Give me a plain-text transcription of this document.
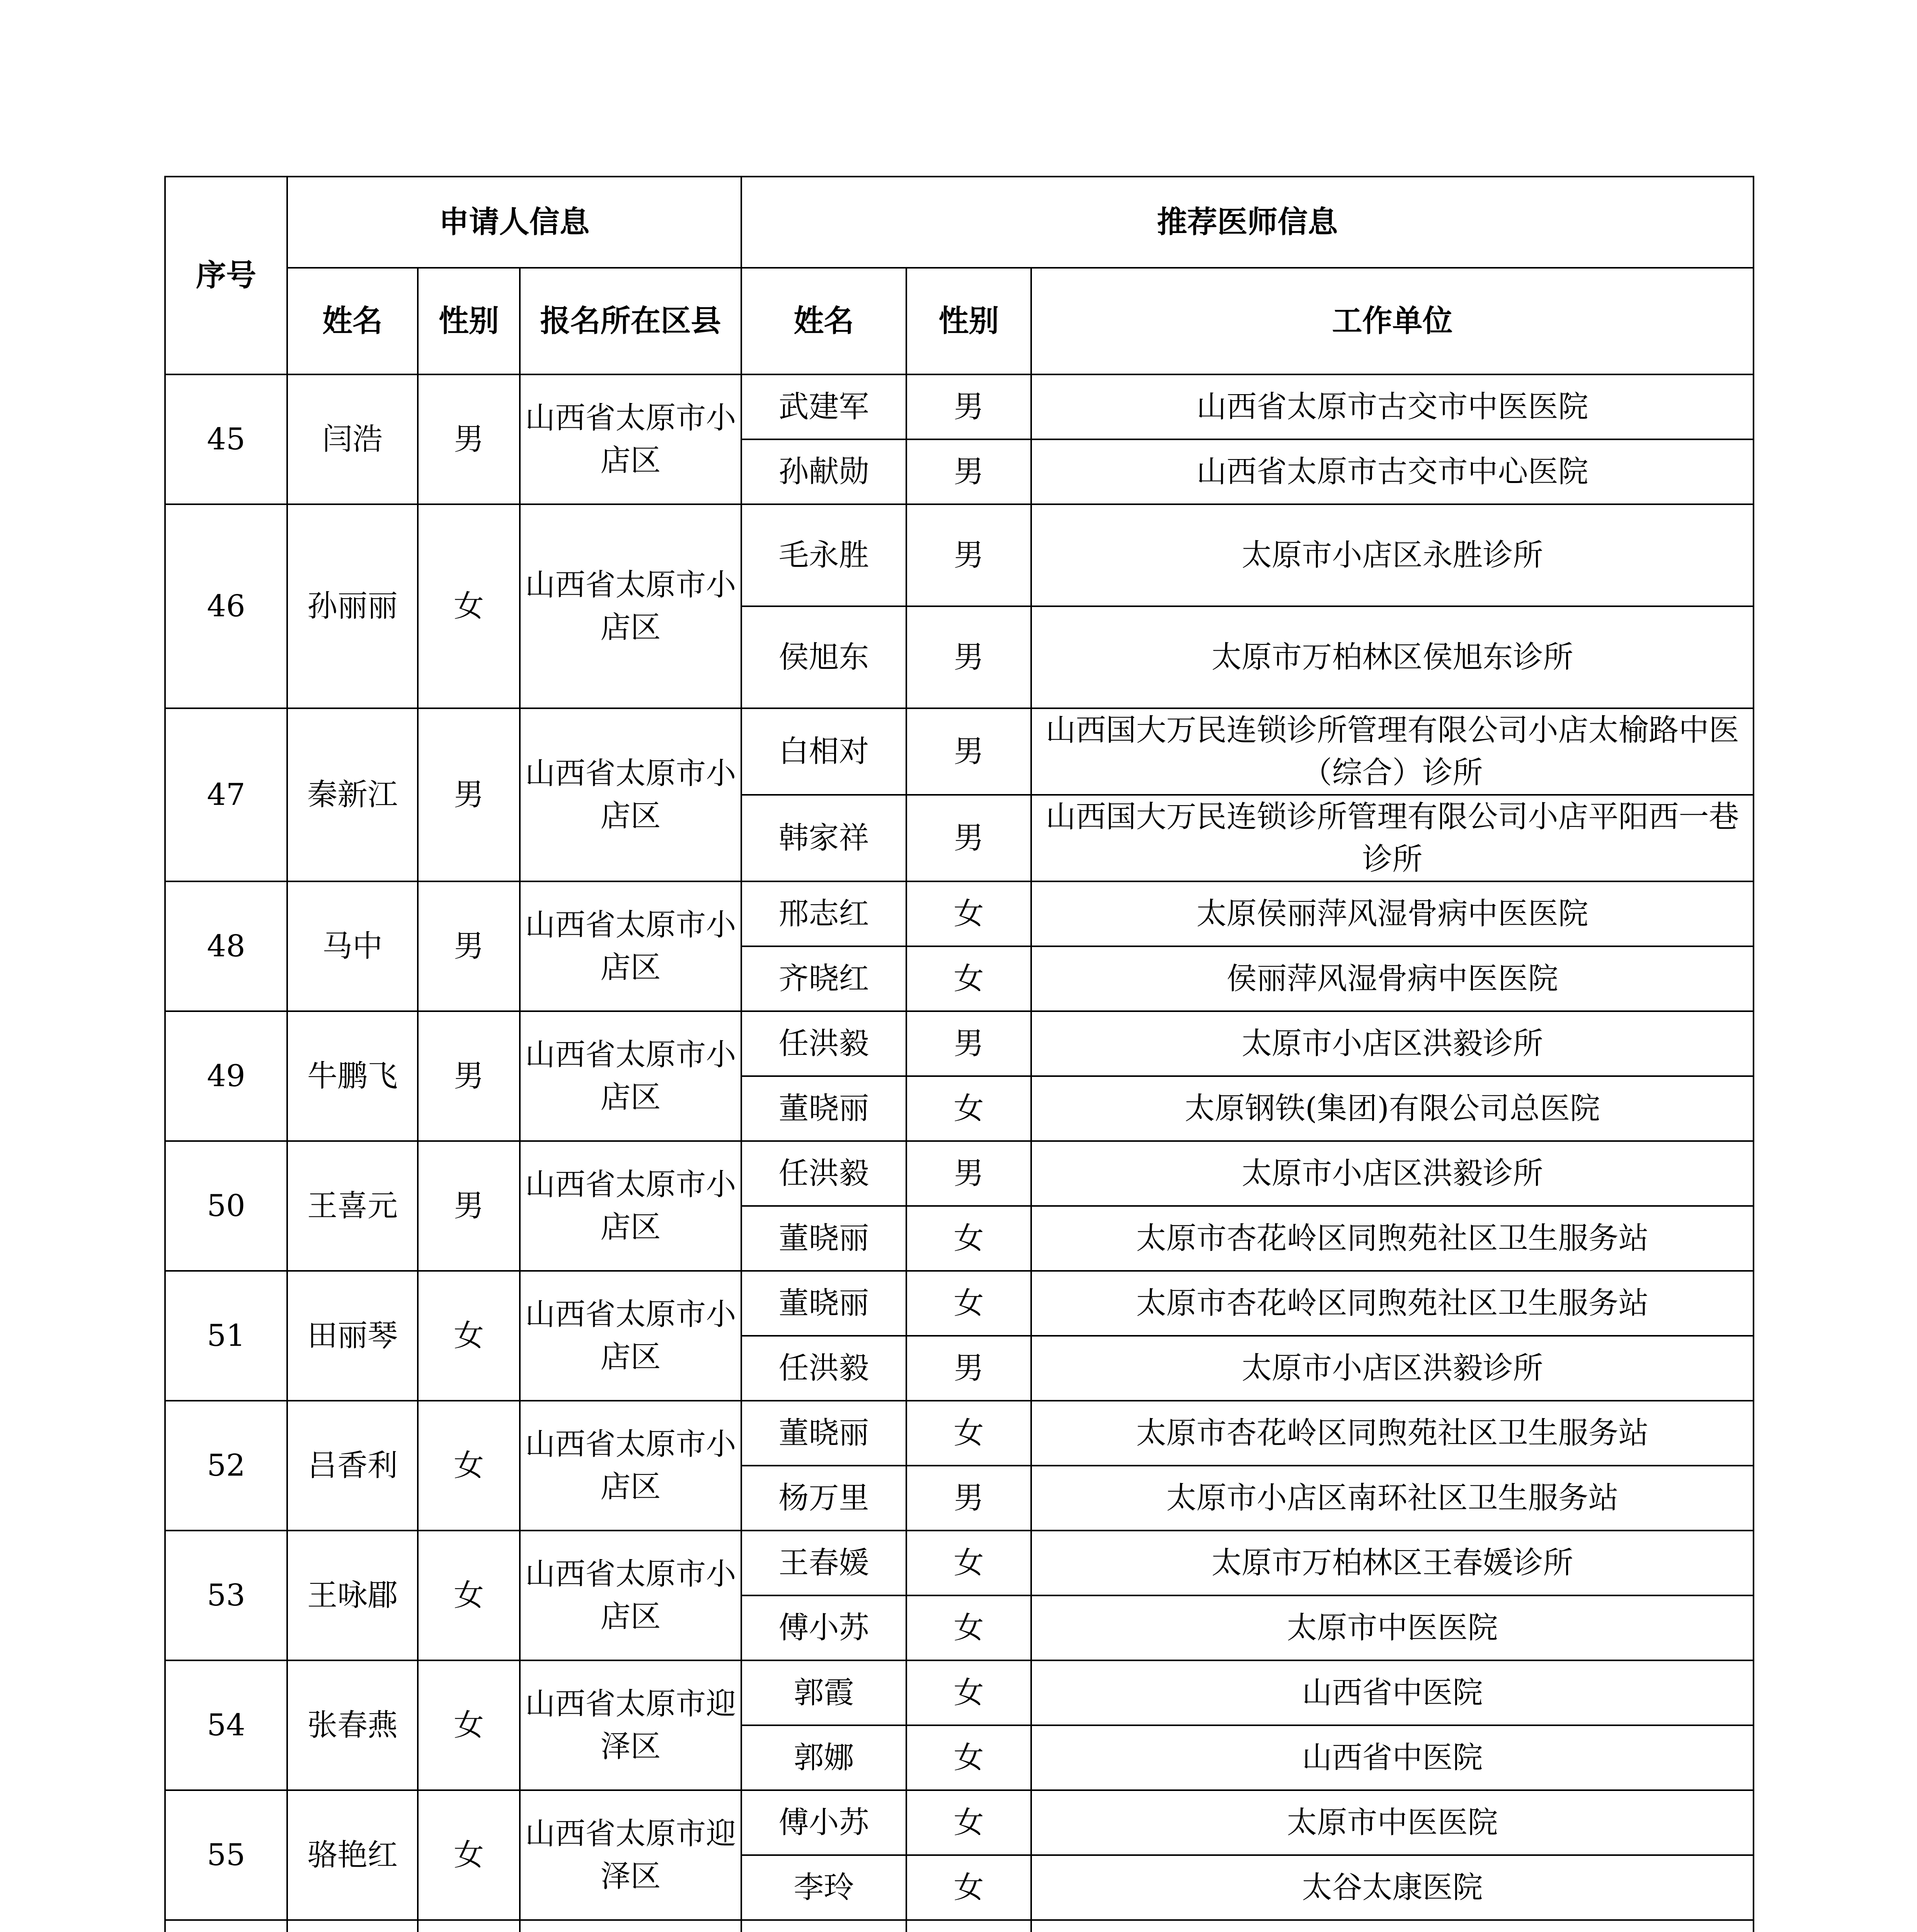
序号	申请人信息			推荐医师信息		
	姓名	性别	报名所在区县	姓名	性别	工作单位
45	闫浩	男	山西省太原市小店区	武建军	男	山西省太原市古交市中医医院
				孙献勋	男	山西省太原市古交市中心医院
46	孙丽丽	女	山西省太原市小店区	毛永胜	男	太原市小店区永胜诊所
				侯旭东	男	太原市万柏林区侯旭东诊所
47	秦新江	男	山西省太原市小店区	白相对	男	山西国大万民连锁诊所管理有限公司小店太榆路中医（综合）诊所
				韩家祥	男	山西国大万民连锁诊所管理有限公司小店平阳西一巷诊所
48	马中	男	山西省太原市小店区	邢志红	女	太原侯丽萍风湿骨病中医医院
				齐晓红	女	侯丽萍风湿骨病中医医院
49	牛鹏飞	男	山西省太原市小店区	任洪毅	男	太原市小店区洪毅诊所
				董晓丽	女	太原钢铁(集团)有限公司总医院
50	王喜元	男	山西省太原市小店区	任洪毅	男	太原市小店区洪毅诊所
				董晓丽	女	太原市杏花岭区同煦苑社区卫生服务站
51	田丽琴	女	山西省太原市小店区	董晓丽	女	太原市杏花岭区同煦苑社区卫生服务站
				任洪毅	男	太原市小店区洪毅诊所
52	吕香利	女	山西省太原市小店区	董晓丽	女	太原市杏花岭区同煦苑社区卫生服务站
				杨万里	男	太原市小店区南环社区卫生服务站
53	王咏郿	女	山西省太原市小店区	王春媛	女	太原市万柏林区王春媛诊所
				傅小苏	女	太原市中医医院
54	张春燕	女	山西省太原市迎泽区	郭霞	女	山西省中医院
				郭娜	女	山西省中医院
55	骆艳红	女	山西省太原市迎泽区	傅小苏	女	太原市中医医院
				李玲	女	太谷太康医院
